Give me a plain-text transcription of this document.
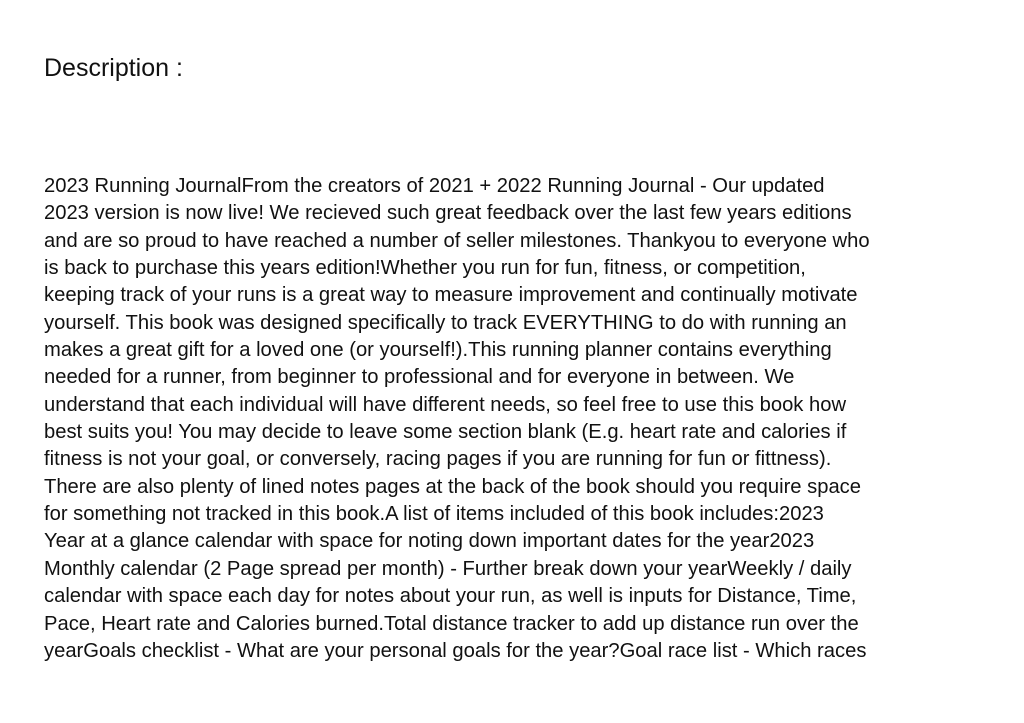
Description :
2023 Running JournalFrom the creators of 2021 + 2022 Running Journal - Our updated
2023 version is now live! We recieved such great feedback over the last few years editions
and are so proud to have reached a number of seller milestones. Thankyou to everyone who
is back to purchase this years edition!Whether you run for fun, fitness, or competition,
keeping track of your runs is a great way to measure improvement and continually motivate
yourself. This book was designed specifically to track EVERYTHING to do with running an
makes a great gift for a loved one (or yourself!).This running planner contains everything
needed for a runner, from beginner to professional and for everyone in between. We
understand that each individual will have different needs, so feel free to use this book how
best suits you! You may decide to leave some section blank (E.g. heart rate and calories if
fitness is not your goal, or conversely, racing pages if you are running for fun or fittness).
There are also plenty of lined notes pages at the back of the book should you require space
for something not tracked in this book.A list of items included of this book includes:2023
Year at a glance calendar with space for noting down important dates for the year2023
Monthly calendar (2 Page spread per month) - Further break down your yearWeekly / daily
calendar with space each day for notes about your run, as well is inputs for Distance, Time,
Pace, Heart rate and Calories burned.Total distance tracker to add up distance run over the
yearGoals checklist - What are your personal goals for the year?Goal race list - Which races
